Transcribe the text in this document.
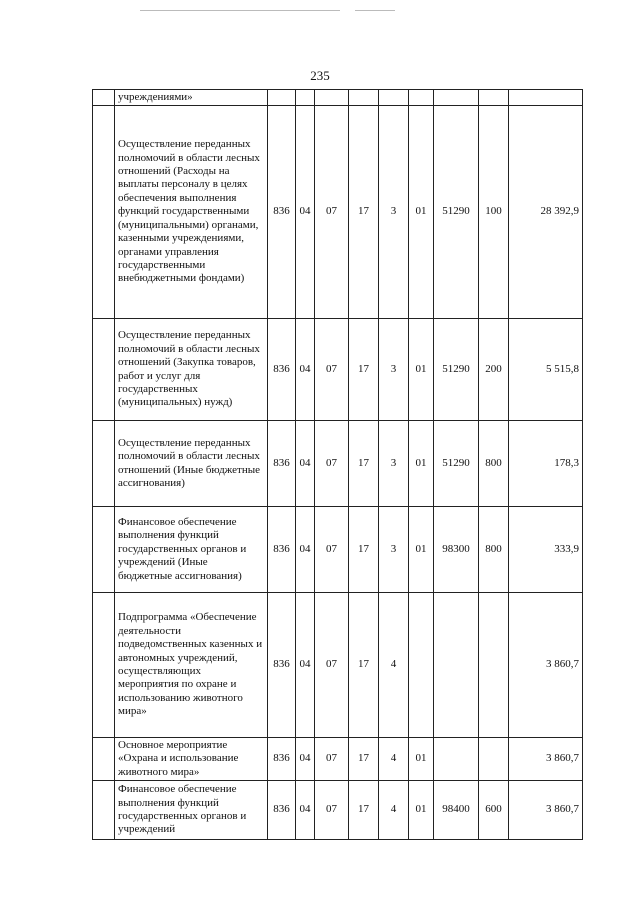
235
	учреждениями»									
	Осуществление переданных полномочий в области лесных отношений (Расходы на выплаты персоналу в целях обеспечения выполнения функций государственными (муниципальными) органами, казенными учреждениями, органами управления государственными внебюджетными фондами)	836	04	07	17	3	01	51290	100	28 392,9
	Осуществление переданных полномочий в области лесных отношений (Закупка товаров, работ и услуг для государственных (муниципальных) нужд)	836	04	07	17	3	01	51290	200	5 515,8
	Осуществление переданных полномочий в области лесных отношений (Иные бюджетные ассигнования)	836	04	07	17	3	01	51290	800	178,3
	Финансовое обеспечение выполнения функций государственных органов и учреждений (Иные бюджетные ассигнования)	836	04	07	17	3	01	98300	800	333,9
	Подпрограмма «Обеспечение деятельности подведомственных казенных и автономных учреждений, осуществляющих мероприятия по охране и использованию животного мира»	836	04	07	17	4				3 860,7
	Основное мероприятие «Охрана и использование животного мира»	836	04	07	17	4	01			3 860,7
	Финансовое обеспечение выполнения функций государственных органов и учреждений	836	04	07	17	4	01	98400	600	3 860,7
